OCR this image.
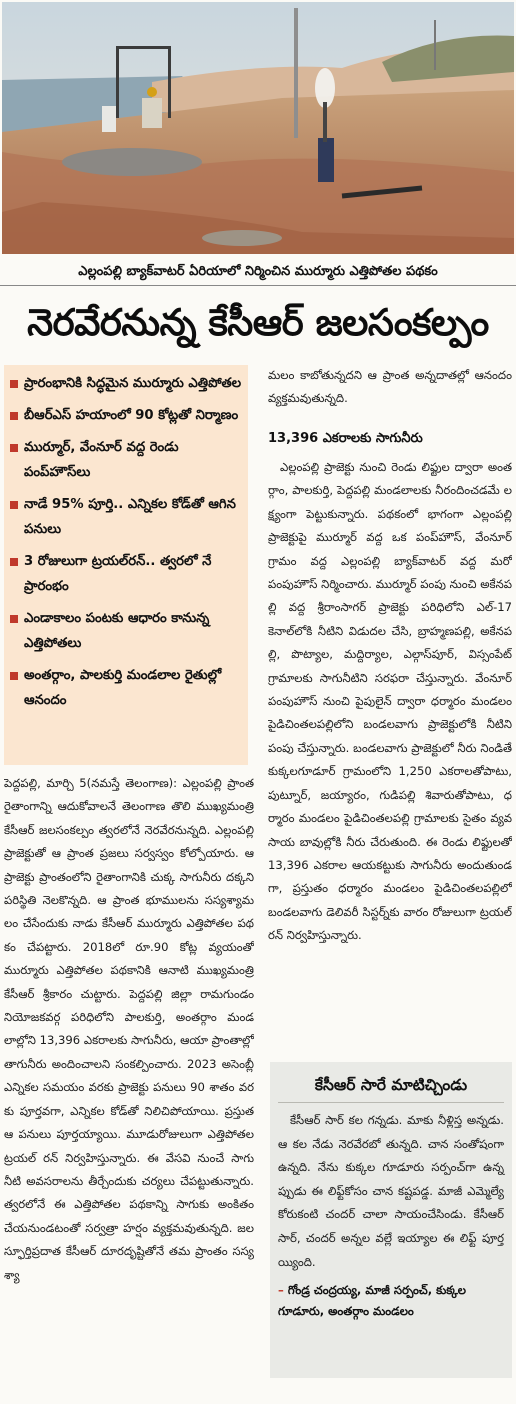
ఎల్లంపల్లి బ్యాక్‌వాటర్ ఏరియాలో నిర్మించిన ముర్మూరు ఎత్తిపోతల పథకం
నెరవేరనున్న కేసీఆర్ జలసంకల్పం
ప్రారంభానికి సిద్ధమైన ముర్మూరు ఎత్తిపోతల
బీఆర్‌ఎస్ హయాంలో 90 కోట్లతో నిర్మాణం
ముర్మూర్, వేంనూర్ వద్ద రెండు పంప్‌హౌస్‌లు
నాడే 95% పూర్తి.. ఎన్నికల కోడ్‌తో ఆగిన పనులు
3 రోజులుగా ట్రయల్‌రన్.. త్వరలో నే ప్రారంభం
ఎండాకాలం పంటకు ఆధారం కానున్న ఎత్తిపోతలు
అంతర్గాం, పాలకుర్తి మండలాల రైతుల్లో ఆనందం
పెద్దపల్లి, మార్చి 5(నమస్తే తెలంగాణ): ఎల్లంపల్లి ప్రాంత రైతాంగాన్ని ఆదుకోవాలనే తెలంగాణ తొలి ముఖ్యమంత్రి కేసీఆర్ జలసంకల్పం త్వరలోనే నెరవేరనున్నది. ఎల్లంపల్లి ప్రాజెక్టుతో ఆ ప్రాంత ప్రజలు సర్వస్వం కోల్పోయారు. ఆ ప్రాజెక్టు ప్రాంతంలోని రైతాంగానికి చుక్క సాగునీరు దక్కని పరిస్థితి నెలకొన్నది. ఆ ప్రాంత భూములను సస్యశ్యామలం చేసేందుకు నాడు కేసీఆర్ ముర్మూరు ఎత్తిపోతల పథకం చేపట్టారు. 2018లో రూ.90 కోట్ల వ్యయంతో ముర్మూరు ఎత్తిపోతల పథకానికి ఆనాటి ముఖ్యమంత్రి కేసీఆర్ శ్రీకారం చుట్టారు. పెద్దపల్లి జిల్లా రామగుండం నియోజకవర్గ పరిధిలోని పాలకుర్తి, అంతర్గాం మండలాల్లోని 13,396 ఎకరాలకు సాగునీరు, ఆయా ప్రాంతాల్లో తాగునీరు అందించాలని సంకల్పించారు. 2023 అసెంబ్లీ ఎన్నికల సమయం వరకు ప్రాజెక్టు పనులు 90 శాతం వరకు పూర్తవగా, ఎన్నికల కోడ్‌తో నిలిచిపోయాయి. ప్రస్తుత ఆ పనులు పూర్తయ్యాయి. మూడురోజులుగా ఎత్తిపోతల ట్రయల్ రన్ నిర్వహిస్తున్నారు. ఈ వేసవి నుంచే సాగు నీటి అవసరాలను తీర్చేందుకు చర్యలు చేపట్టుతున్నారు. త్వరలోనే ఈ ఎత్తిపోతల పథకాన్ని సాగుకు అంకితం చేయనుండటంతో సర్వత్రా హర్షం వ్యక్తమవుతున్నది. జలస్ఫూర్తిప్రదాత కేసీఆర్ దూరదృష్టితోనే తమ ప్రాంతం సస్యశ్యా
మలం కాబోతున్నదని ఆ ప్రాంత అన్నదాతల్లో ఆనందం వ్యక్తమవుతున్నది.
13,396 ఎకరాలకు సాగునీరు
ఎల్లంపల్లి ప్రాజెక్టు నుంచి రెండు లిఫ్టుల ద్వారా అంతర్గాం, పాలకుర్తి, పెద్దపల్లి మండలాలకు నీరందించడమే లక్ష్యంగా పెట్టుకున్నారు. పథకంలో భాగంగా ఎల్లంపల్లి ప్రాజెక్టుపై ముర్మూర్ వద్ద ఒక పంప్‌హౌస్, వేంనూర్ గ్రామం వద్ద ఎల్లంపల్లి బ్యాక్‌వాటర్ వద్ద మరో పంపుహౌస్ నిర్మించారు. ముర్మూర్ పంపు నుంచి అకేనపల్లి వద్ద శ్రీరాంసాగర్ ప్రాజెక్టు పరిధిలోని ఎల్-17 కెనాల్‌లోకి నీటిని విడుదల చేసి, బ్రాహ్మణపల్లి, అకేనపల్లి, పొట్యాల, మద్దిర్యాల, ఎల్గాస్‌పూర్, విస్సంపేట్ గ్రామాలకు సాగునీటిని సరఫరా చేస్తున్నారు. వేంనూర్ పంపుహౌస్ నుంచి పైపులైన్ ద్వారా ధర్మారం మండలం పైడిచింతలపల్లిలోని బండలవాగు ప్రాజెక్టులోకి నీటిని పంపు చేస్తున్నారు. బండలవాగు ప్రాజెక్టులో నీరు నిండితే కుక్కలగూడూర్ గ్రామంలోని 1,250 ఎకరాలతోపాటు, పుట్నూర్, జయ్యారం, గుడిపల్లి శివారుతోపాటు, ధర్మారం మండలం పైడిచింతలపల్లి గ్రామాలకు సైతం వ్యవసాయ బావుల్లోకి నీరు చేరుతుంది. ఈ రెండు లిఫ్టులతో 13,396 ఎకరాల ఆయకట్టుకు సాగునీరు అందుతుండగా, ప్రస్తుతం ధర్మారం మండలం పైడిచింతలపల్లిలో బండలవాగు డెలివరీ సిస్టర్న్‌కు వారం రోజులుగా ట్రయల్ రన్ నిర్వహిస్తున్నారు.
కేసీఆర్ సారే మాటిచ్చిండు
కేసీఆర్ సార్ కల గన్నడు. మాకు నీళ్లిస్త అన్నడు. ఆ కల నేడు నెరవేరబో తున్నది. చాన సంతోషంగా ఉన్నది. నేను కుక్కల గూడూరు సర్పంచ్‌గా ఉన్నప్పుడు ఈ లిఫ్ట్‌కోసం చాన కష్టపడ్డ. మాజీ ఎమ్మెల్యే కోరుకంటి చందర్ చాలా సాయంచేసిండు. కేసీఆర్ సార్, చందర్ అన్నల వల్లే ఇయ్యాల ఈ లిఫ్ట్ పూర్తయ్యింది.
– గోండ్ర చంద్రయ్య, మాజీ సర్పంచ్, కుక్కల గూడూరు, అంతర్గాం మండలం
